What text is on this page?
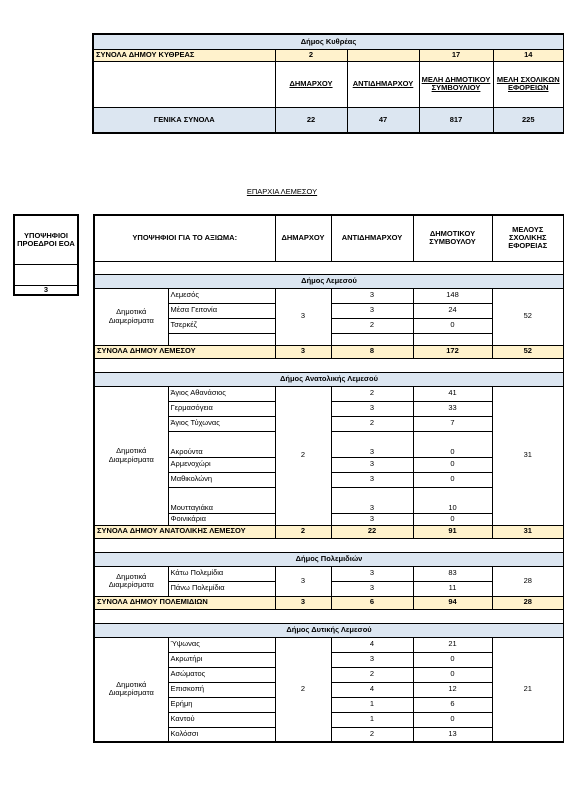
Δήμος Κυθρέας				
ΣΥΝΟΛΑ ΔΗΜΟΥ ΚΥΘΡΕΑΣ	2		17	14
	ΔΗΜΑΡΧΟΥ	ΑΝΤΙΔΗΜΑΡΧΟΥ	ΜΕΛΗ ΔΗΜΟΤΙΚΟΥ ΣΥΜΒΟΥΛΙΟΥ	ΜΕΛΗ ΣΧΟΛΙΚΩΝ ΕΦΟΡΕΙΩΝ
ΓΕΝΙΚΑ ΣΥΝΟΛΑ	22	47	817	225
ΕΠΑΡΧΙΑ ΛΕΜΕΣΟΥ
ΥΠΟΨΗΦΙΟΙ ΠΡΟΕΔΡΟΙ ΕΟΑ

3
ΥΠΟΨΗΦΙΟΙ ΓΙΑ ΤΟ ΑΞΙΩΜΑ:		ΔΗΜΑΡΧΟΥ	ΑΝΤΙΔΗΜΑΡΧΟΥ	ΔΗΜΟΤΙΚΟΥ ΣΥΜΒΟΥΛΟΥ	ΜΕΛΟΥΣ ΣΧΟΛΙΚΗΣ ΕΦΟΡΕΙΑΣ

Δήμος Λεμεσού					
Δημοτικά Διαμερίσματα	Λεμεσός	3	3	148	52
	Μέσα Γειτονία		3	24	
	Τσερκέζ		2	0	

ΣΥΝΟΛΑ ΔΗΜΟΥ ΛΕΜΕΣΟΥ		3	8	172	52

Δήμος Ανατολικής Λεμεσού					
Δημοτικά Διαμερίσματα	Άγιος Αθανάσιος	2	2	41	31
	Γερμασόγεια		3	33	
	Άγιος Τύχωνας		2	7	
	Ακρούντα		3	0	
	Αρμενοχώρι		3	0	
	Μαθικολώνη		3	0	
	Μουτταγιάκα		3	10	
	Φοινικάρια		3	0	
ΣΥΝΟΛΑ ΔΗΜΟΥ ΑΝΑΤΟΛΙΚΗΣ ΛΕΜΕΣΟΥ		2	22	91	31

Δήμος Πολεμιδιών					
Δημοτικά Διαμερίσματα	Κάτω Πολεμίδια	3	3	83	28
	Πάνω Πολεμίδια		3	11	
ΣΥΝΟΛΑ ΔΗΜΟΥ ΠΟΛΕΜΙΔΙΩΝ		3	6	94	28

Δήμος Δυτικής Λεμεσού					
Δημοτικά Διαμερίσματα	Ύψωνας	2	4	21	21
	Ακρωτήρι		3	0	
	Ασώματος		2	0	
	Επισκοπή		4	12	
	Ερήμη		1	6	
	Καντού		1	0	
	Κολόσσι		2	13	
